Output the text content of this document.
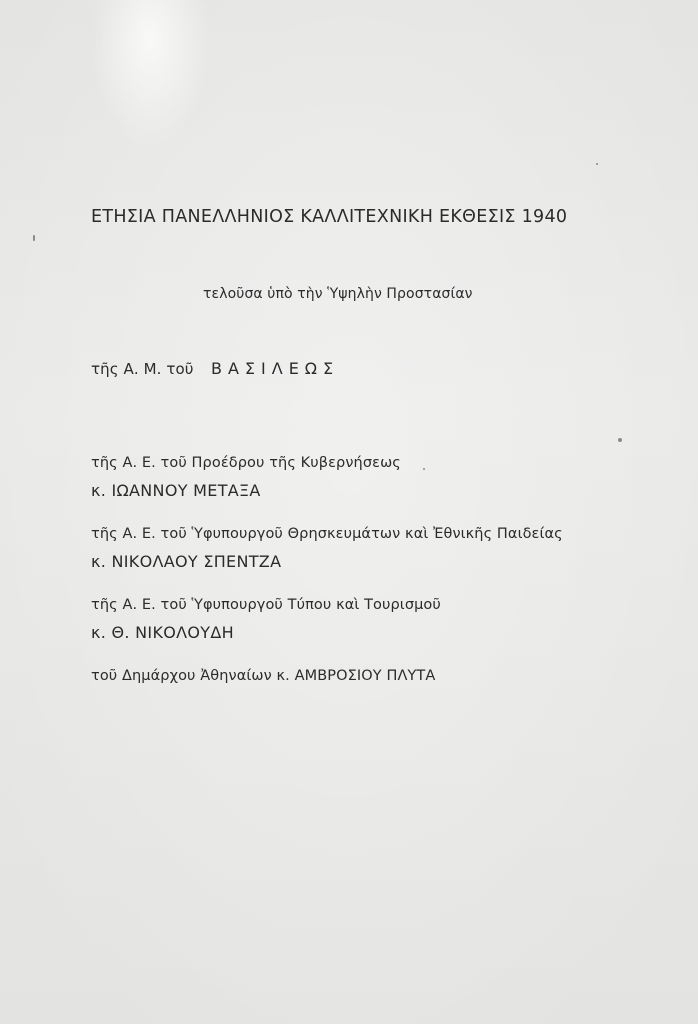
ΕΤΗΣΙΑ ΠΑΝΕΛΛΗΝΙΟΣ ΚΑΛΛΙΤΕΧΝΙΚΗ ΕΚΘΕΣΙΣ 1940
τελοῦσα ὑπὸ τὴν Ὑψηλὴν Προστασίαν
τῆς Α. Μ. τοῦ ΒΑΣΙΛΕΩΣ
τῆς Α. Ε. τοῦ Προέδρου τῆς Κυβερνήσεως
κ. ΙΩΑΝΝΟΥ ΜΕΤΑΞΑ
τῆς Α. Ε. τοῦ Ὑφυπουργοῦ Θρησκευμάτων καὶ Ἐθνικῆς Παιδείας
κ. ΝΙΚΟΛΑΟΥ ΣΠΕΝΤΖΑ
τῆς Α. Ε. τοῦ Ὑφυπουργοῦ Τύπου καὶ Τουρισμοῦ
κ. Θ. ΝΙΚΟΛΟΥΔΗ
τοῦ Δημάρχου Ἀθηναίων κ. ΑΜΒΡΟΣΙΟΥ ΠΛΥΤΑ
